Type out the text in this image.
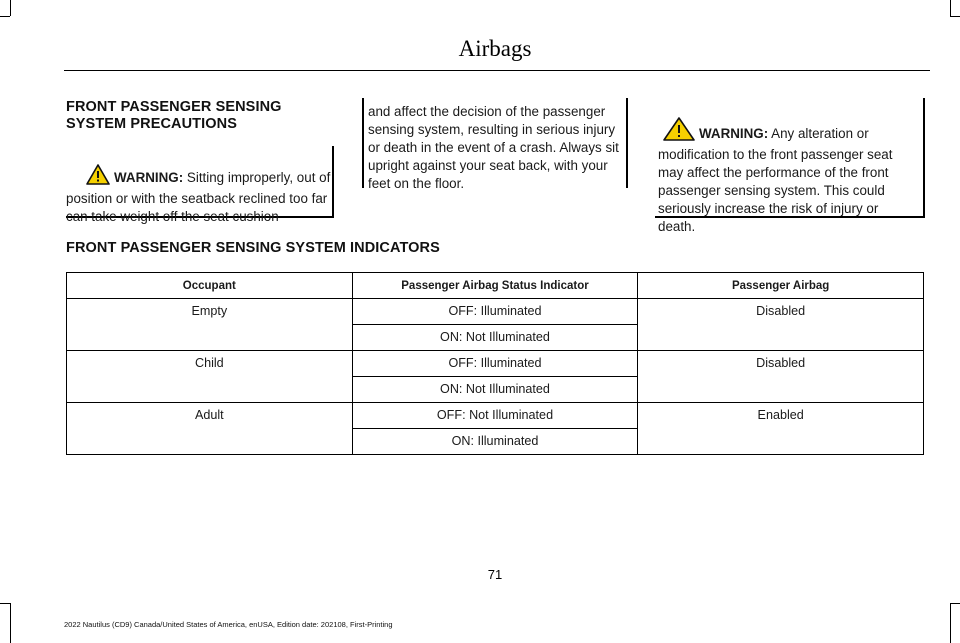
Airbags
FRONT PASSENGER SENSING
SYSTEM PRECAUTIONS
WARNING: Sitting improperly, out of position or with the seatback reclined too far can take weight off the seat cushion
and affect the decision of the passenger sensing system, resulting in serious injury or death in the event of a crash. Always sit upright against your seat back, with your feet on the floor.
WARNING: Any alteration or modification to the front passenger seat may affect the performance of the front passenger sensing system. This could seriously increase the risk of injury or death.
FRONT PASSENGER SENSING SYSTEM INDICATORS
Occupant	Passenger Airbag Status Indicator	Passenger Airbag
Empty	OFF: Illuminated	Disabled
	ON: Not Illuminated	
Child	OFF: Illuminated	Disabled
	ON: Not Illuminated	
Adult	OFF: Not Illuminated	Enabled
	ON: Illuminated	
71
2022 Nautilus (CD9) Canada/United States of America, enUSA, Edition date: 202108, First-Printing
